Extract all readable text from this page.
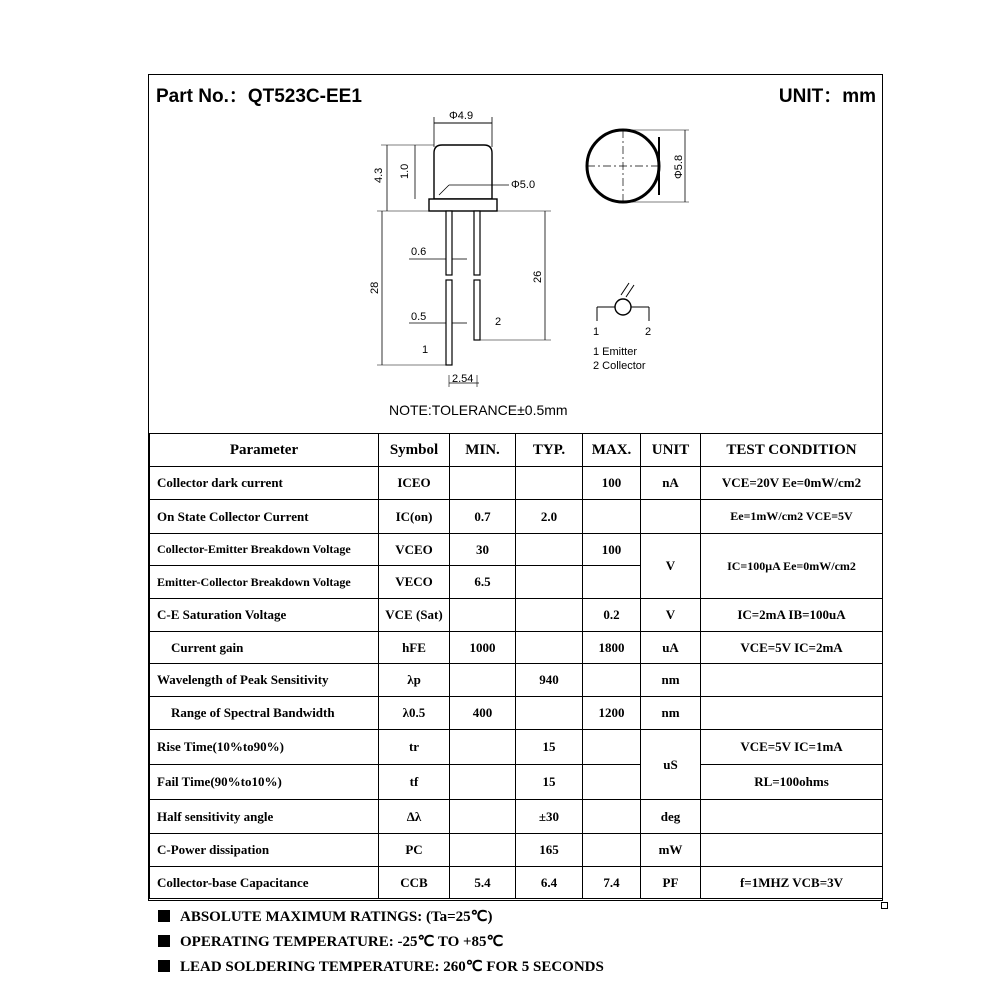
Part No.：QT523C-EE1	UNIT：mm
Φ4.9
Φ5.0
4.3 1.0
0.6
0.5
28
26
1
2
2.54
Φ5.8
1	2
1 Emitter
2 Collector
NOTE:TOLERANCE±0.5mm
Parameter	Symbol	MIN.	TYP.	MAX.	UNIT	TEST CONDITION
Collector dark current	ICEO			100	nA	VCE=20V Ee=0mW/cm2
On State Collector Current	IC(on)	0.7	2.0			Ee=1mW/cm2 VCE=5V
Collector-Emitter Breakdown Voltage	VCEO	30		100	V	IC=100μA Ee=0mW/cm2
Emitter-Collector Breakdown Voltage	VECO	6.5				
C-E Saturation Voltage	VCE (Sat)			0.2	V	IC=2mA IB=100uA
Current gain	hFE	1000		1800	uA	VCE=5V IC=2mA
Wavelength of Peak Sensitivity	λp		940		nm	
Range of Spectral Bandwidth	λ0.5	400		1200	nm	
Rise Time(10%to90%)	tr		15		uS	VCE=5V IC=1mA
Fail Time(90%to10%)	tf		15			RL=100ohms
Half sensitivity angle	Δλ		±30		deg	
C-Power dissipation	PC		165		mW	
Collector-base Capacitance	CCB	5.4	6.4	7.4	PF	f=1MHZ VCB=3V
ABSOLUTE MAXIMUM RATINGS: (Ta=25℃)
OPERATING TEMPERATURE: -25℃ TO +85℃
LEAD SOLDERING TEMPERATURE: 260℃ FOR 5 SECONDS
